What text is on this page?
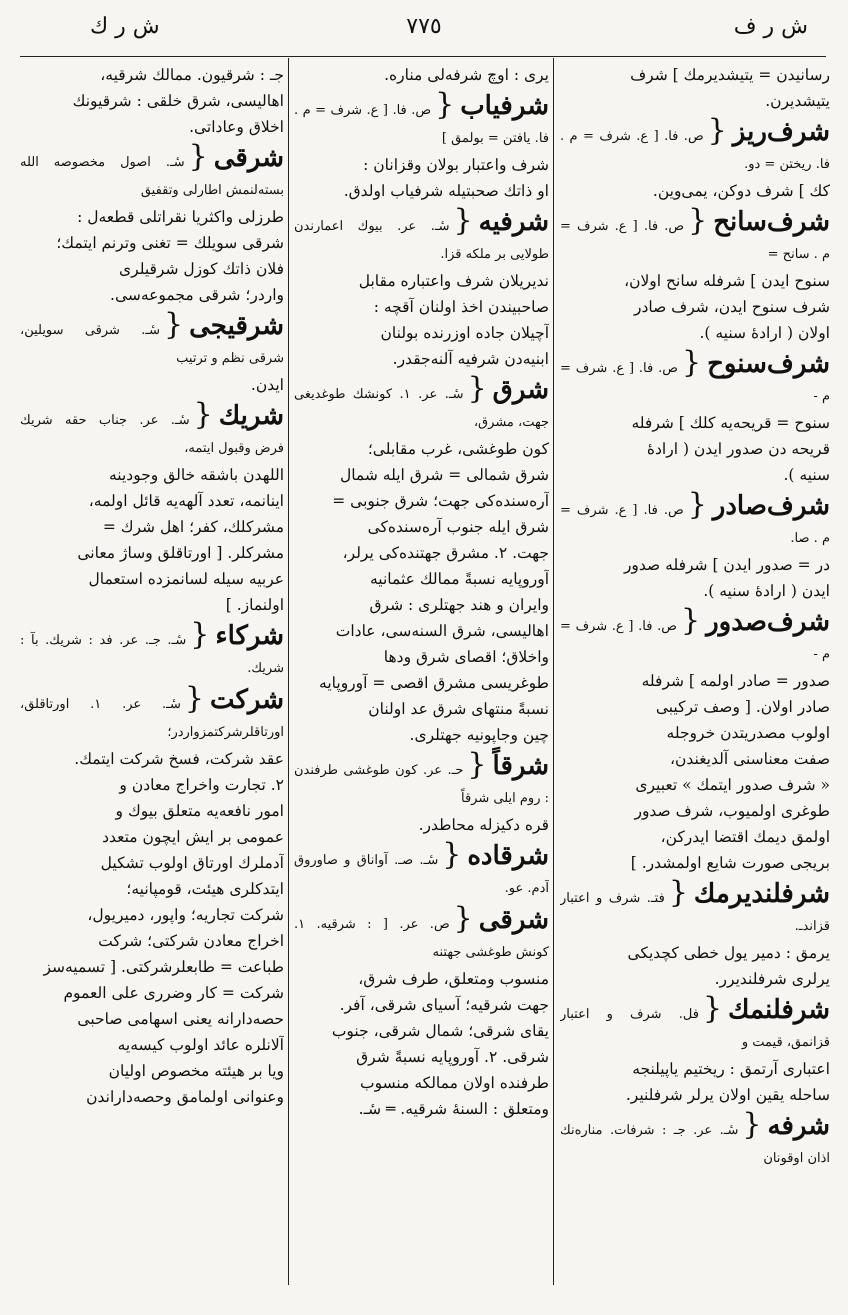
ش ر ف
٧٧٥
ش ر ك
رسانیدن = یتیشدیرمك ] شرف
یتیشدیرن.
شرف‌ریز{ص. فا. [ ع. شرف = م . فا. ریختن = دو.
كك ] شرف دوكن، یمی‌وین.
شرف‌سانح{ص. فا. [ ع. شرف = م . سانح =
سنوح ایدن ] شرفله سانح اولان،
شرف سنوح ایدن، شرف صادر
اولان ( ارادهٔ سنیه ).
شرف‌سنوح{ص. فا. [ ع. شرف = م -
سنوح = قریحه‌یه كلك ] شرفله
قریحه دن صدور ایدن ( ارادهٔ
سنیه ).
شرف‌صادر{ص. فا. [ ع. شرف = م . صا.
در = صدور ایدن ] شرفله صدور
ایدن ( ارادهٔ سنیه ).
شرف‌صدور{ص. فا. [ ع. شرف = م -
صدور = صادر اولمه ] شرفله
صادر اولان. [ وصف تركیبی
اولوب مصدریتدن خروجله
صفت معناسنی آلدیغندن،
« شرف صدور ایتمك » تعبیری
طوغری اولمیوب، شرف صدور
اولمق دیمك اقتضا ایدركن،
بریجی صورت شایع اولمشدر. ]
شرفلندیرمك{فتـ. شرف و اعتبار قزاندـ.
یرمق : دمیر یول خطی كچدیكی
یرلری شرفلندیرر.
شرفلنمك{فل. شرف و اعتبار قزانمق، قیمت و
اعتباری آرتمق : ریختیم یاپیلنجه
ساحله یقین اولان یرلر شرفلنیر.
شرفه{سٔـ. عر. جـ : شرفات. مناره‌نك اذان اوقونان
یری : اوچ شرفه‌لی مناره.
شرفیاب{ص. فا. [ ع. شرف = م . فا. یافتن = بولمق ]
شرف واعتبار بولان وقزانان :
او ذاتك صحبتیله شرفیاب اولدق.
شرفیه{سٔـ. عر. بیوك اعمارندن طولایی بر ملكه قزا.
ندیریلان شرف واعتباره مقابل
صاحبیندن اخذ اولنان آقچه :
آچیلان جاده اوزرنده بولنان
ابنیه‌دن شرفیه آلنه‌جقدر.
شرق{سٔـ. عر. ١. كونشك طوغدیغی جهت، مشرق،
كون طوغشی، غرب مقابلی؛
شرق شمالی = شرق ایله شمال
آره‌سنده‌كی جهت؛ شرق جنوبی =
شرق ایله جنوب آره‌سنده‌كی
جهت. ٢. مشرق جهتنده‌كی یرلر،
آوروپایه نسبةً ممالك عثمانیه
وایران و هند جهتلری : شرق
اهالیسی، شرق السنه‌سی، عادات
واخلاق؛ اقصای شرق ودها
طوغریسی مشرق اقصی = آوروپایه
نسبةً منتهای شرق عد اولنان
چین وجاپونیه جهتلری.
شرقاً{حـ. عر. كون طوغشی طرفندن : روم ایلی شرقاً
قره دكیزله محاطدر.
شرقاده{سٔـ. صـ. آواناق و صاوروق آدم. عو.
شرقی{ص. عر. [ : شرقیه. ١. كونش طوغشی جهتنه
منسوب ومتعلق، طرف شرق،
جهت شرقیه؛ آسیای شرقی، آفر.
یقای شرقی؛ شمال شرقی، جنوب
شرقی. ٢. آوروپایه نسبةً شرق
طرفنده اولان ممالكه منسوب
ومتعلق : السنهٔ شرقیه. ═ سٔـ.
جـ : شرقیون. ممالك شرقیه،
اهالیسی، شرق خلقی : شرقیونك
اخلاق وعاداتی.
شرقی{سٔـ. اصول مخصوصه الله بسته‌لنمش اطارلی وتقفیق
طرزلی واكثریا نقراتلی قطعه‌ل :
شرقی سویلك = تغنی وترنم ایتمك؛
فلان ذاتك كوزل شرقیلری
واردر؛ شرقی مجموعه‌سی.
شرقیجی{سٔـ. شرقی سویلین، شرقی نظم و ترتیب
ایدن.
شریك{سٔـ. عر. جناب حقه شریك فرض وقبول ایتمه،
اللهدن باشقه خالق وجودینه
اینانمه، تعدد آلهه‌یه قائل اولمه،
مشركلك، كفر؛ اهل شرك =
مشركلر. [ اورتاقلق وساژ معانی
عربیه سیله لسانمزده استعمال
اولنماز. ]
شركاء{سٔـ. جـ. عر. فد : شریك. بآ : شریك.
شركت{سٔـ. عر. ١. اورتاقلق، اورتاقلرشركتمزواردر؛
عقد شركت، فسخ شركت ایتمك.
٢. تجارت واخراج معادن و
امور نافعه‌یه متعلق بیوك و
عمومی بر ایش ایچون متعدد
آدملرك اورتاق اولوب تشكیل
ایتدكلری هیئت، قومپانیه؛
شركت تجاریه؛ واپور، دمیریول،
اخراج معادن شركتی؛ شركت
طباعت = طابعلرشركتی. [ تسمیه‌سز
شركت = كار وضرری علی العموم
حصه‌دارانه یعنی اسهامی صاحبی
آلانلره عائد اولوب كیسه‌یه
ویا بر هیئته مخصوص اولیان
وعنوانی اولمامق وحصه‌داراندن
